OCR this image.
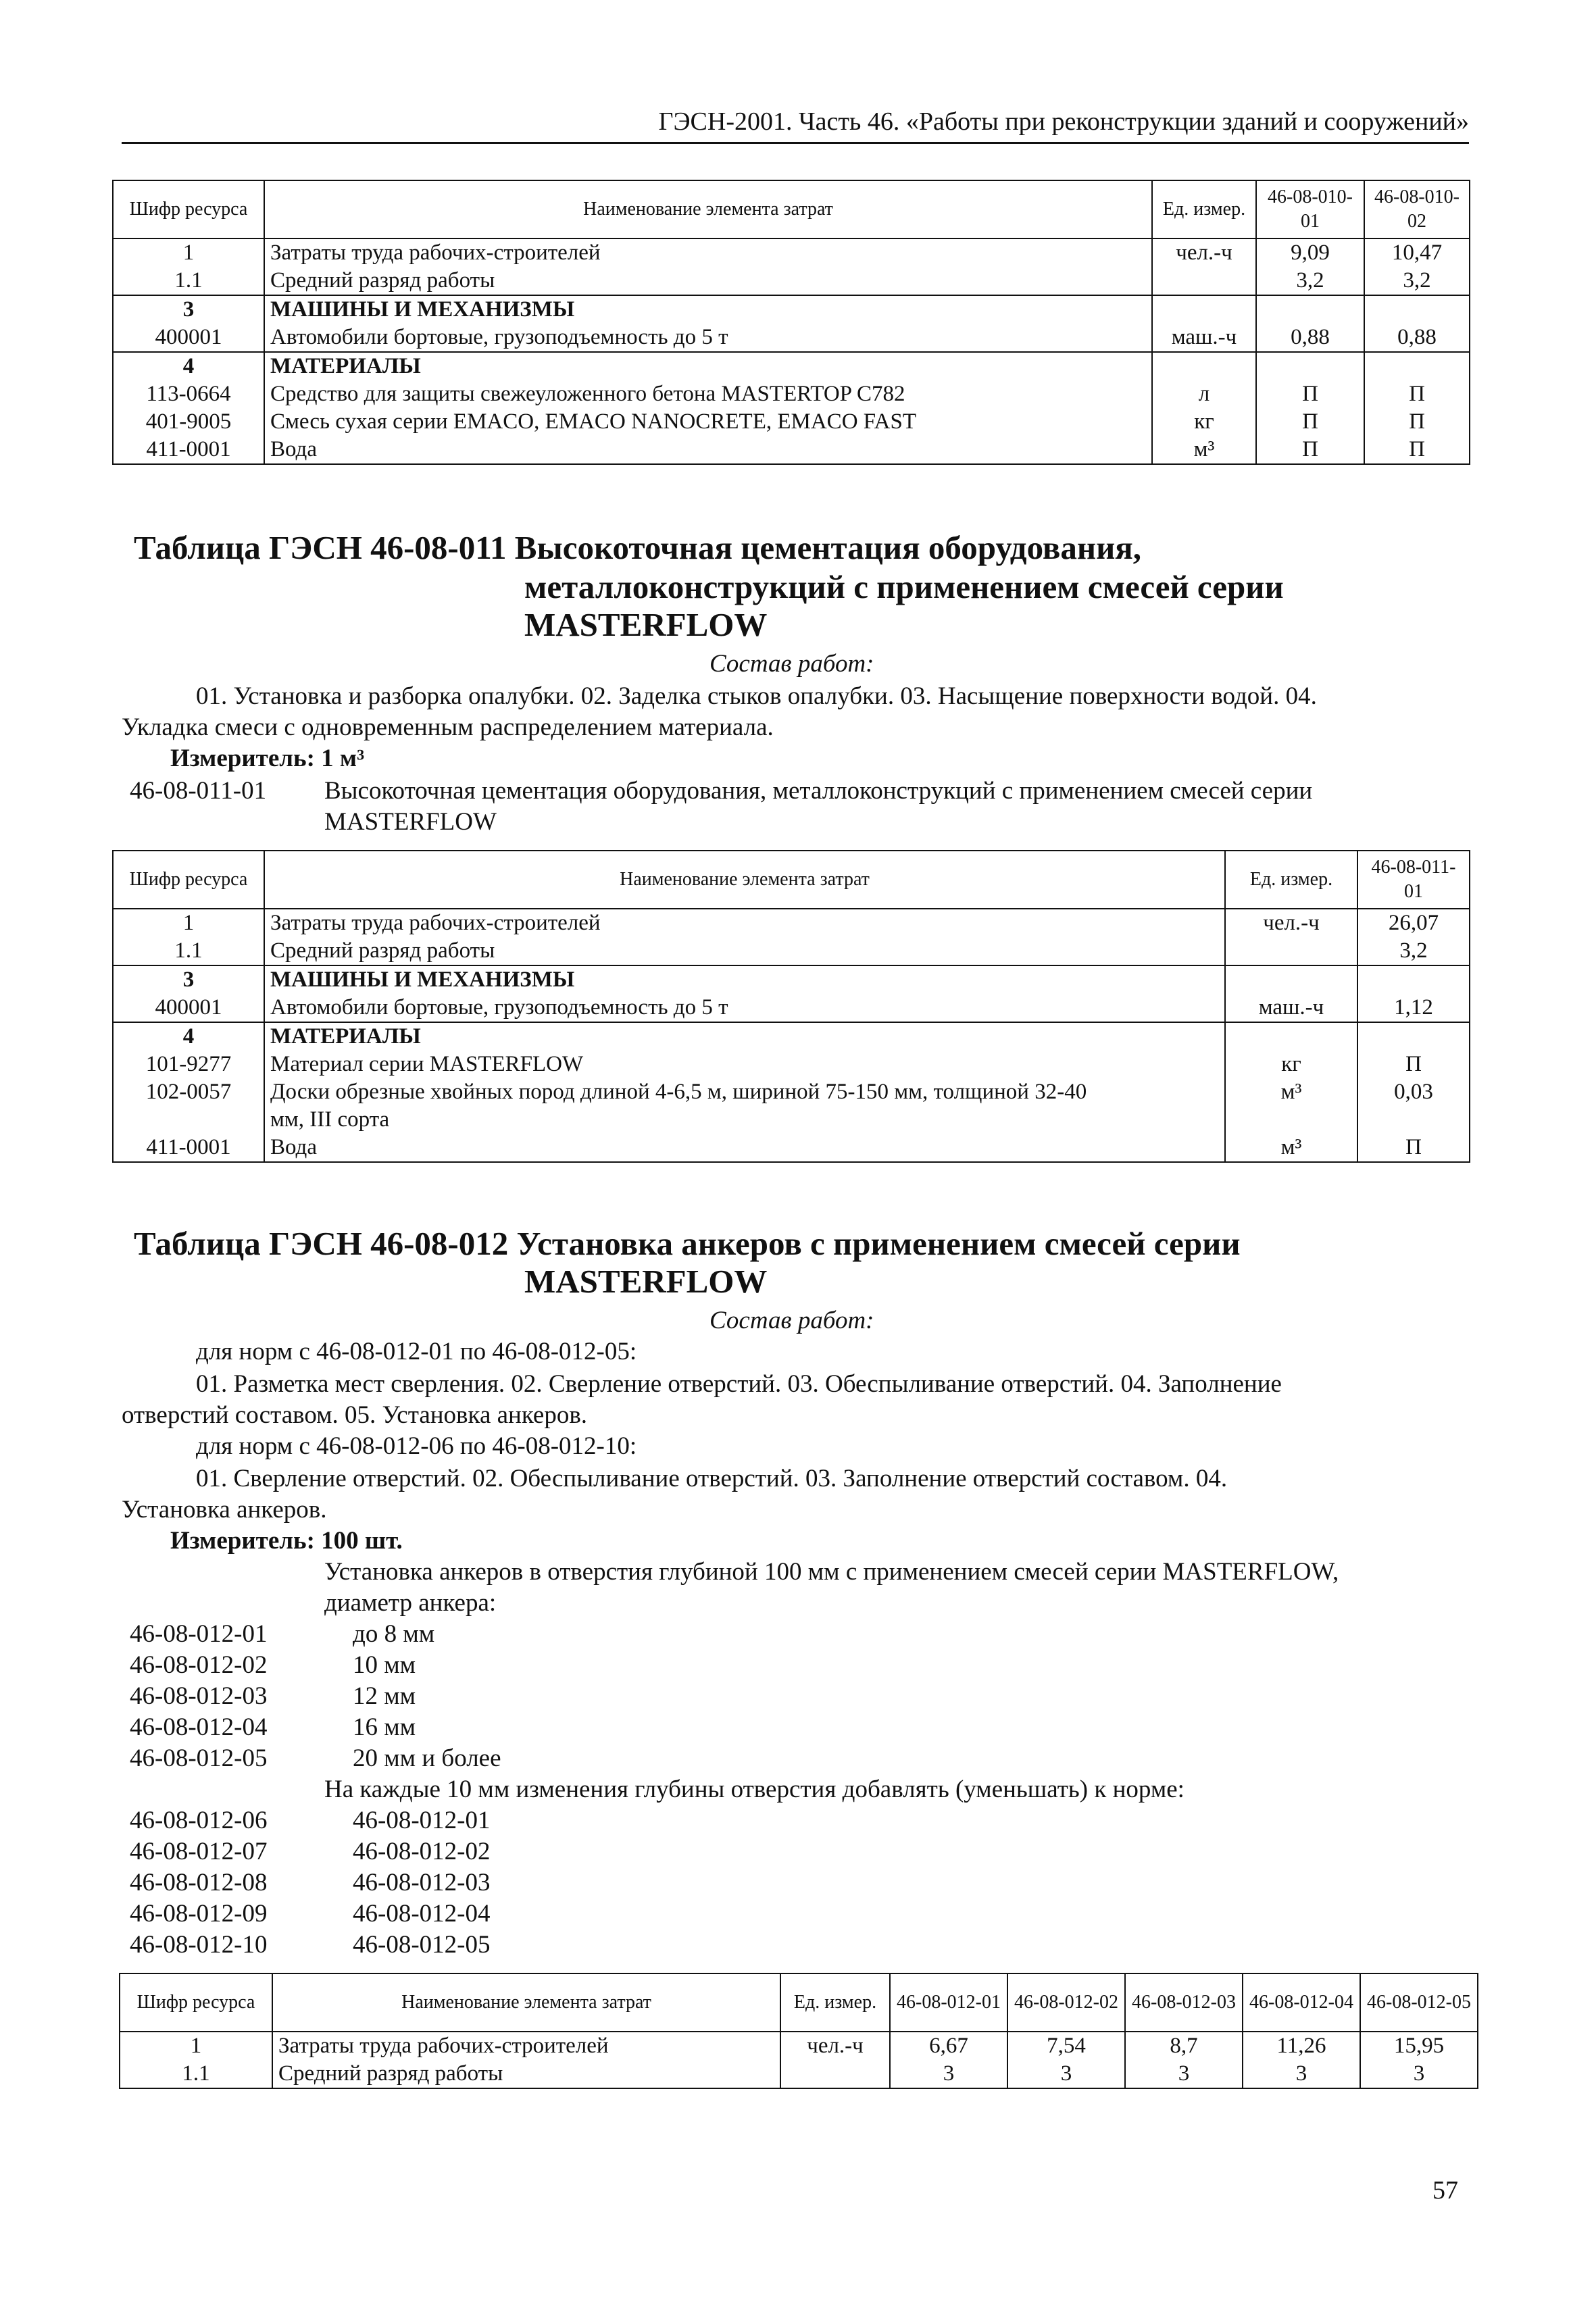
ГЭСН-2001. Часть 46. «Работы при реконструкции зданий и сооружений»
Шифр ресурса	Наименование элемента затрат	Ед. измер.	46-08-010-01	46-08-010-02
1	Затраты труда рабочих-строителей	чел.-ч	9,09	10,47
1.1	Средний разряд работы		3,2	3,2
3	МАШИНЫ И МЕХАНИЗМЫ			
400001	Автомобили бортовые, грузоподъемность до 5 т	маш.-ч	0,88	0,88
4	МАТЕРИАЛЫ			
113-0664	Средство для защиты свежеуложенного бетона MASTERTOP C782	л	П	П
401-9005	Смесь сухая серии EMACO, EMACO NANOCRETE, EMACO FAST	кг	П	П
411-0001	Вода	м³	П	П
Таблица ГЭСН 46-08-011 Высокоточная цементация оборудования,
металлоконструкций с применением смесей серии
MASTERFLOW
Состав работ:
01. Установка и разборка опалубки. 02. Заделка стыков опалубки. 03. Насыщение поверхности водой. 04.
Укладка смеси с одновременным распределением материала.
Измеритель: 1 м³
46-08-011-01 Высокоточная цементация оборудования, металлоконструкций с применением смесей серии
MASTERFLOW
Шифр ресурса	Наименование элемента затрат	Ед. измер.	46-08-011-01
1	Затраты труда рабочих-строителей	чел.-ч	26,07
1.1	Средний разряд работы		3,2
3	МАШИНЫ И МЕХАНИЗМЫ		
400001	Автомобили бортовые, грузоподъемность до 5 т	маш.-ч	1,12
4	МАТЕРИАЛЫ		
101-9277	Материал серии MASTERFLOW	кг	П
102-0057	Доски обрезные хвойных пород длиной 4-6,5 м, шириной 75-150 мм, толщиной 32-40
мм, III сорта	м³	0,03
411-0001	Вода	м³	П
Таблица ГЭСН 46-08-012 Установка анкеров с применением смесей серии
MASTERFLOW
Состав работ:
для норм с 46-08-012-01 по 46-08-012-05:
01. Разметка мест сверления. 02. Сверление отверстий. 03. Обеспыливание отверстий. 04. Заполнение
отверстий составом. 05. Установка анкеров.
для норм с 46-08-012-06 по 46-08-012-10:
01. Сверление отверстий. 02. Обеспыливание отверстий. 03. Заполнение отверстий составом. 04.
Установка анкеров.
Измеритель: 100 шт.
Установка анкеров в отверстия глубиной 100 мм с применением смесей серии MASTERFLOW,
диаметр анкера:
46-08-012-01	до 8 мм
46-08-012-02	10 мм
46-08-012-03	12 мм
46-08-012-04	16 мм
46-08-012-05	20 мм и более
На каждые 10 мм изменения глубины отверстия добавлять (уменьшать) к норме:
46-08-012-06	46-08-012-01
46-08-012-07	46-08-012-02
46-08-012-08	46-08-012-03
46-08-012-09	46-08-012-04
46-08-012-10	46-08-012-05
Шифр ресурса	Наименование элемента затрат	Ед. измер.	46-08-012-01	46-08-012-02	46-08-012-03	46-08-012-04	46-08-012-05
1	Затраты труда рабочих-строителей	чел.-ч	6,67	7,54	8,7	11,26	15,95
1.1	Средний разряд работы		3	3	3	3	3
57
